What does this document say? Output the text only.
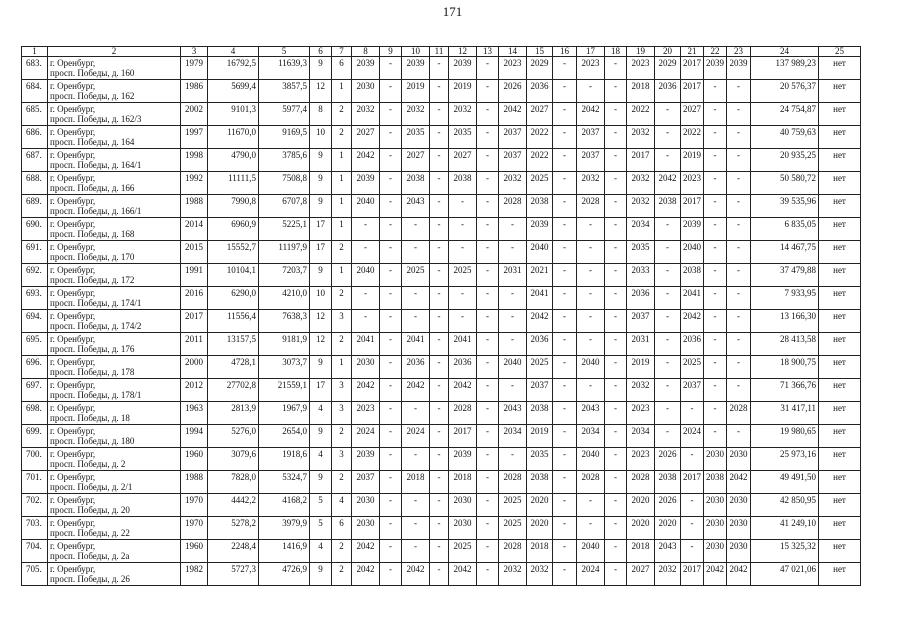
171
1	2	3	4	5	6	7	8	9	10	11	12	13	14	15	16	17	18	19	20	21	22	23	24	25
683.	г. Оренбург,
просп. Победы, д. 160	1979	16792,5	11639,3	9	6	2039	-	2039	-	2039	-	2023	2029	-	2023	-	2023	2029	2017	2039	2039	137 989,23	нет
684.	г. Оренбург,
просп. Победы, д. 162	1986	5699,4	3857,5	12	1	2030	-	2019	-	2019	-	2026	2036	-	-	-	2018	2036	2017	-	-	20 576,37	нет
685.	г. Оренбург,
просп. Победы, д. 162/3	2002	9101,3	5977,4	8	2	2032	-	2032	-	2032	-	2042	2027	-	2042	-	2022	-	2027	-	-	24 754,87	нет
686.	г. Оренбург,
просп. Победы, д. 164	1997	11670,0	9169,5	10	2	2027	-	2035	-	2035	-	2037	2022	-	2037	-	2032	-	2022	-	-	40 759,63	нет
687.	г. Оренбург,
просп. Победы, д. 164/1	1998	4790,0	3785,6	9	1	2042	-	2027	-	2027	-	2037	2022	-	2037	-	2017	-	2019	-	-	20 935,25	нет
688.	г. Оренбург,
просп. Победы, д. 166	1992	11111,5	7508,8	9	1	2039	-	2038	-	2038	-	2032	2025	-	2032	-	2032	2042	2023	-	-	50 580,72	нет
689.	г. Оренбург,
просп. Победы, д. 166/1	1988	7990,8	6707,8	9	1	2040	-	2043	-	-	-	2028	2038	-	2028	-	2032	2038	2017	-	-	39 535,96	нет
690.	г. Оренбург,
просп. Победы, д. 168	2014	6960,9	5225,1	17	1	-	-	-	-	-	-	-	2039	-	-	-	2034	-	2039	-	-	6 835,05	нет
691.	г. Оренбург,
просп. Победы, д. 170	2015	15552,7	11197,9	17	2	-	-	-	-	-	-	-	2040	-	-	-	2035	-	2040	-	-	14 467,75	нет
692.	г. Оренбург,
просп. Победы, д. 172	1991	10104,1	7203,7	9	1	2040	-	2025	-	2025	-	2031	2021	-	-	-	2033	-	2038	-	-	37 479,88	нет
693.	г. Оренбург,
просп. Победы, д. 174/1	2016	6290,0	4210,0	10	2	-	-	-	-	-	-	-	2041	-	-	-	2036	-	2041	-	-	7 933,95	нет
694.	г. Оренбург,
просп. Победы, д. 174/2	2017	11556,4	7638,3	12	3	-	-	-	-	-	-	-	2042	-	-	-	2037	-	2042	-	-	13 166,30	нет
695.	г. Оренбург,
просп. Победы, д. 176	2011	13157,5	9181,9	12	2	2041	-	2041	-	2041	-	-	2036	-	-	-	2031	-	2036	-	-	28 413,58	нет
696.	г. Оренбург,
просп. Победы, д. 178	2000	4728,1	3073,7	9	1	2030	-	2036	-	2036	-	2040	2025	-	2040	-	2019	-	2025	-	-	18 900,75	нет
697.	г. Оренбург,
просп. Победы, д. 178/1	2012	27702,8	21559,1	17	3	2042	-	2042	-	2042	-	-	2037	-	-	-	2032	-	2037	-	-	71 366,76	нет
698.	г. Оренбург,
просп. Победы, д. 18	1963	2813,9	1967,9	4	3	2023	-	-	-	2028	-	2043	2038	-	2043	-	2023	-	-	-	2028	31 417,11	нет
699.	г. Оренбург,
просп. Победы, д. 180	1994	5276,0	2654,0	9	2	2024	-	2024	-	2017	-	2034	2019	-	2034	-	2034	-	2024	-	-	19 980,65	нет
700.	г. Оренбург,
просп. Победы, д. 2	1960	3079,6	1918,6	4	3	2039	-	-	-	2039	-	-	2035	-	2040	-	2023	2026	-	2030	2030	25 973,16	нет
701.	г. Оренбург,
просп. Победы, д. 2/1	1988	7828,0	5324,7	9	2	2037	-	2018	-	2018	-	2028	2038	-	2028	-	2028	2038	2017	2038	2042	49 491,50	нет
702.	г. Оренбург,
просп. Победы, д. 20	1970	4442,2	4168,2	5	4	2030	-	-	-	2030	-	2025	2020	-	-	-	2020	2026	-	2030	2030	42 850,95	нет
703.	г. Оренбург,
просп. Победы, д. 22	1970	5278,2	3979,9	5	6	2030	-	-	-	2030	-	2025	2020	-	-	-	2020	2020	-	2030	2030	41 249,10	нет
704.	г. Оренбург,
просп. Победы, д. 2а	1960	2248,4	1416,9	4	2	2042	-	-	-	2025	-	2028	2018	-	2040	-	2018	2043	-	2030	2030	15 325,32	нет
705.	г. Оренбург,
просп. Победы, д. 26	1982	5727,3	4726,9	9	2	2042	-	2042	-	2042	-	2032	2032	-	2024	-	2027	2032	2017	2042	2042	47 021,06	нет
